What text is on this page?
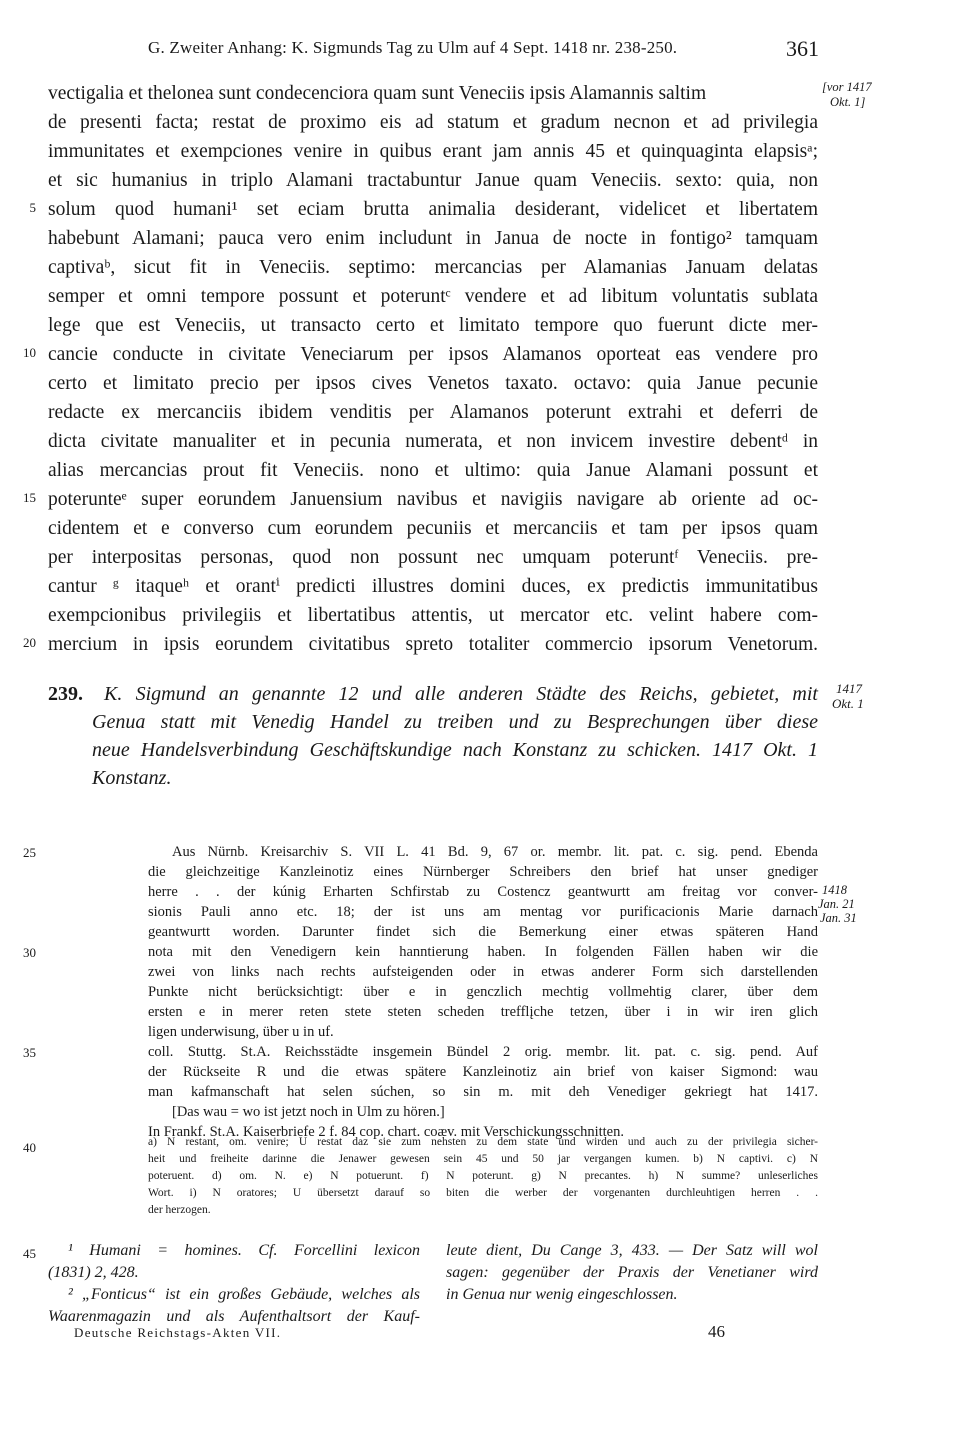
G. Zweiter Anhang: K. Sigmunds Tag zu Ulm auf 4 Sept. 1418 nr. 238-250.	361
vectigalia et thelonea sunt condecenciora quam sunt Veneciis ipsis Alamannis saltim	[vor 1417
Okt. 1]
de presenti facta; restat de proximo eis ad statum et gradum necnon et ad privilegia
immunitates et exempciones venire in quibus erant jam annis 45 et quinquaginta elapsisᵃ;
et sic humanius in triplo Alamani tractabuntur Janue quam Veneciis. sexto: quia, non
5 solum quod humani¹ set eciam brutta animalia desiderant, videlicet et libertatem
habebunt Alamani; pauca vero enim includunt in Janua de nocte in fontigo² tamquam
captivaᵇ, sicut fit in Veneciis. septimo: mercancias per Alamanias Januam delatas
semper et omni tempore possunt et poteruntᶜ vendere et ad libitum voluntatis sublata
lege que est Veneciis, ut transacto certo et limitato tempore quo fuerunt dicte mer-
10 cancie conducte in civitate Veneciarum per ipsos Alamanos oporteat eas vendere pro
certo et limitato precio per ipsos cives Venetos taxato. octavo: quia Janue pecunie
redacte ex mercanciis ibidem venditis per Alamanos poterunt extrahi et deferri de
dicta civitate manualiter et in pecunia numerata, et non invicem investire debentᵈ in
alias mercancias prout fit Veneciis. nono et ultimo: quia Janue Alamani possunt et
15 poterunteᵉ super eorundem Januensium navibus et navigiis navigare ab oriente ad oc-
cidentem et e converso cum eorundem pecuniis et mercanciis et tam per ipsos quam
per interpositas personas, quod non possunt nec umquam poteruntᶠ Veneciis. pre-
cantur ᵍ itaqueʰ et orantⁱ predicti illustres domini duces, ex predictis immunitatibus
exempcionibus privilegiis et libertatibus attentis, ut mercator etc. velint habere com-
20 mercium in ipsis eorundem civitatibus spreto totaliter commercio ipsorum Venetorum.
239.	K. Sigmund an genannte 12 und alle anderen Städte des Reichs, gebietet, mit
Genua statt mit Venedig Handel zu treiben und zu Besprechungen über diese
neue Handelsverbindung Geschäftskundige nach Konstanz zu schicken. 1417 Okt. 1
Konstanz.
1417
Okt. 1
25	Aus Nürnb. Kreisarchiv S. VII L. 41 Bd. 9, 67 or. membr. lit. pat. c. sig. pend. Ebenda
die gleichzeitige Kanzleinotiz eines Nürnberger Schreibers den brief hat unser gnediger
herre . . der kúnig Erharten Schfirstab zu Costencz geantwurtt am freitag vor conver-
sionis Pauli anno etc. 18; der ist uns am mentag vor purificacionis Marie darnach
1418
Jan. 21
Jan. 31
geantwurtt worden. Darunter findet sich die Bemerkung einer etwas späteren Hand
30	nota mit den Venedigern kein hanntierung haben. In folgenden Fällen haben wir die
zwei von links nach rechts aufsteigenden oder in etwas anderer Form sich darstellenden
Punkte nicht berücksichtigt: über e in genczlich mechtig vollmehtig clarer, über dem
ersten e in merer reten stete steten scheden trefflįche tetzen, über i in wir iren glich
ligen underwisung, über u in uf.
35	coll. Stuttg. St.A. Reichsstädte insgemein Bündel 2 orig. membr. lit. pat. c. sig. pend. Auf
der Rückseite R und die etwas spätere Kanzleinotiz ain brief von kaiser Sigmond: wau
man kafmanschaft hat selen súchen, so sin m. mit deh Venediger gekriegt hat 1417.
[Das wau = wo ist jetzt noch in Ulm zu hören.]
In Frankf. St.A. Kaiserbriefe 2 f. 84 cop. chart. coæv. mit Verschickungsschnitten.
40	a) N restant, om. venire; U restat daz sie zum nehsten zu dem state und wirden und auch zu der privilegia sicher-
heit und freiheite darinne die Jenawer gewesen sein 45 und 50 jar vergangen kumen. b) N captivi. c) N
poteruent. d) om. N. e) N potuerunt. f) N poterunt. g) N precantes. h) N summe? unleserliches
Wort. i) N oratores; U übersetzt darauf so biten die werber der vorgenanten durchleuhtigen herren . .
der herzogen.
45	¹ Humani = homines. Cf. Forcellini lexicon
(1831) 2, 428.
² „Fonticus“ ist ein großes Gebäude, welches als
Waarenmagazin und als Aufenthaltsort der Kauf-
leute dient, Du Cange 3, 433. — Der Satz will wol
sagen: gegenüber der Praxis der Venetianer wird
in Genua nur wenig eingeschlossen.
Deutsche Reichstags-Akten VII.	46
